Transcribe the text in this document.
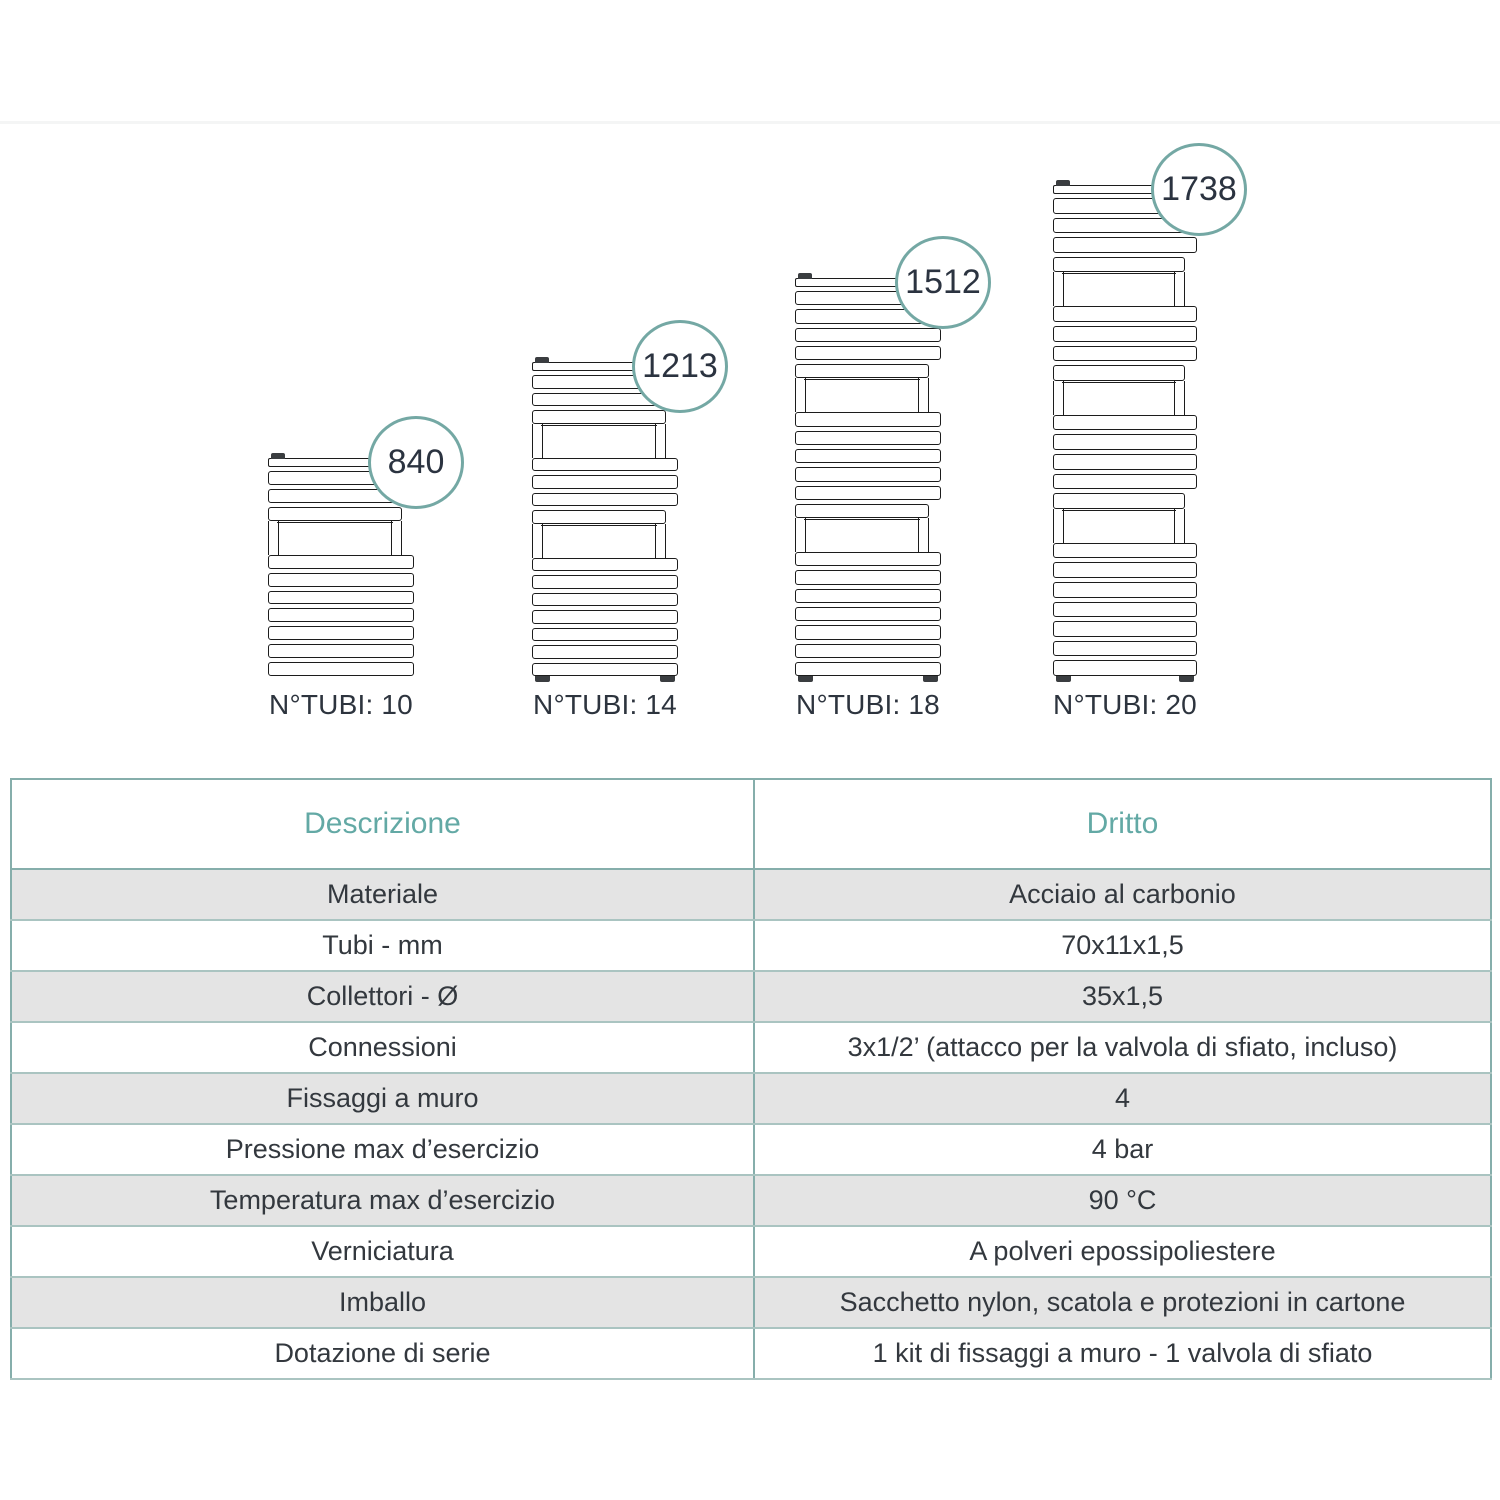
840
N°TUBI: 10
1213
N°TUBI: 14
1512
N°TUBI: 18
1738
N°TUBI: 20
Descrizione	Dritto
Materiale	Acciaio al carbonio
Tubi - mm	70x11x1,5
Collettori - Ø	35x1,5
Connessioni	3x1/2’ (attacco per la valvola di sfiato, incluso)
Fissaggi a muro	4
Pressione max d’esercizio	4 bar
Temperatura max d’esercizio	90 °C
Verniciatura	A polveri epossipoliestere
Imballo	Sacchetto nylon, scatola e protezioni in cartone
Dotazione di serie	1 kit di fissaggi a muro - 1 valvola di sfiato
